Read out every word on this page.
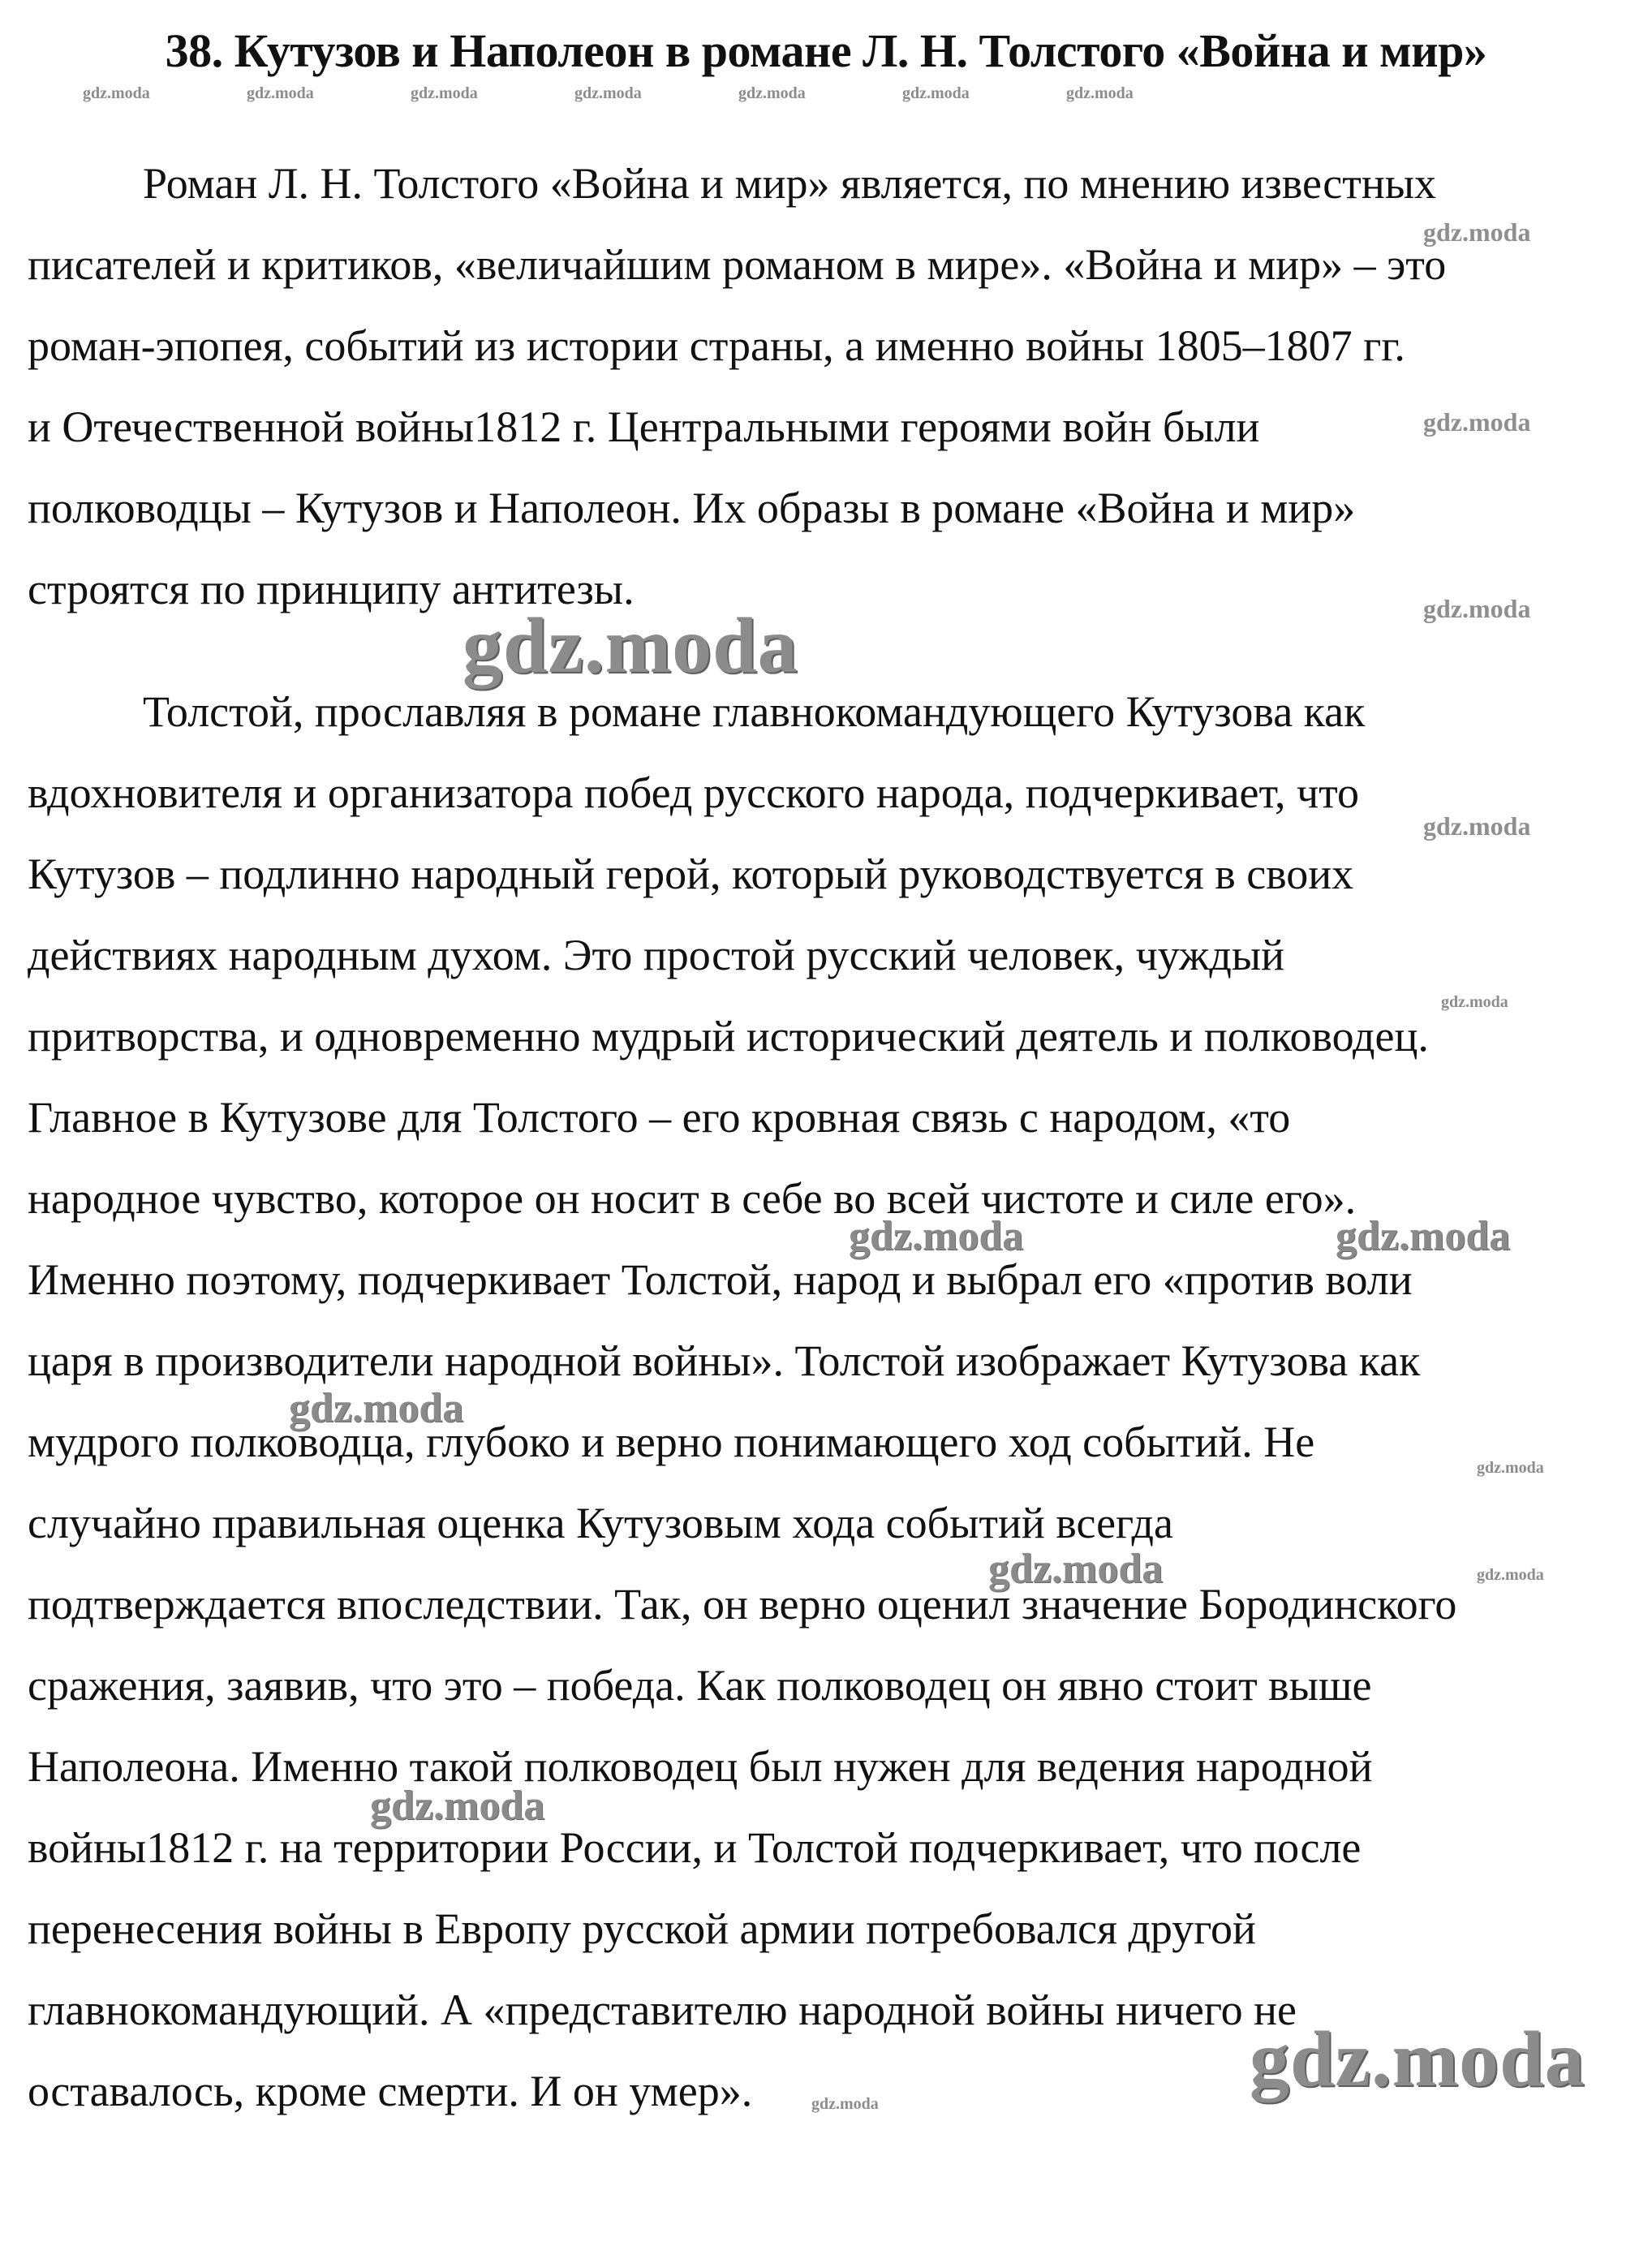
38. Кутузов и Наполеон в романе Л. Н. Толстого «Война и мир»

Роман Л. Н. Толстого «Война и мир» является, по мнению известных

писателей и критиков, «величайшим романом в мире». «Война и мир» – это

роман-эпопея, событий из истории страны, а именно войны 1805–1807 гг.

и Отечественной войны1812 г. Центральными героями войн были

полководцы – Кутузов и Наполеон. Их образы в романе «Война и мир»

строятся по принципу антитезы.

Толстой, прославляя в романе главнокомандующего Кутузова как

вдохновителя и организатора побед русского народа, подчеркивает, что

Кутузов – подлинно народный герой, который руководствуется в своих

действиях народным духом. Это простой русский человек, чуждый

притворства, и одновременно мудрый исторический деятель и полководец.

Главное в Кутузове для Толстого – его кровная связь с народом, «то

народное чувство, которое он носит в себе во всей чистоте и силе его».

Именно поэтому, подчеркивает Толстой, народ и выбрал его «против воли

царя в производители народной войны». Толстой изображает Кутузова как

мудрого полководца, глубоко и верно понимающего ход событий. Не

случайно правильная оценка Кутузовым хода событий всегда

подтверждается впоследствии. Так, он верно оценил значение Бородинского

сражения, заявив, что это – победа. Как полководец он явно стоит выше

Наполеона. Именно такой полководец был нужен для ведения народной

войны1812 г. на территории России, и Толстой подчеркивает, что после

перенесения войны в Европу русской армии потребовался другой

главнокомандующий. А «представителю народной войны ничего не

оставалось, кроме смерти. И он умер».

gdz.moda	gdz.moda	gdz.moda	gdz.moda	gdz.moda	gdz.moda	gdz.moda
gdz.moda
gdz.moda
gdz.moda
gdz.moda
gdz.moda
gdz.moda
gdz.moda	gdz.moda
gdz.moda
gdz.moda
gdz.moda	gdz.moda
gdz.moda
gdz.moda
gdz.moda
